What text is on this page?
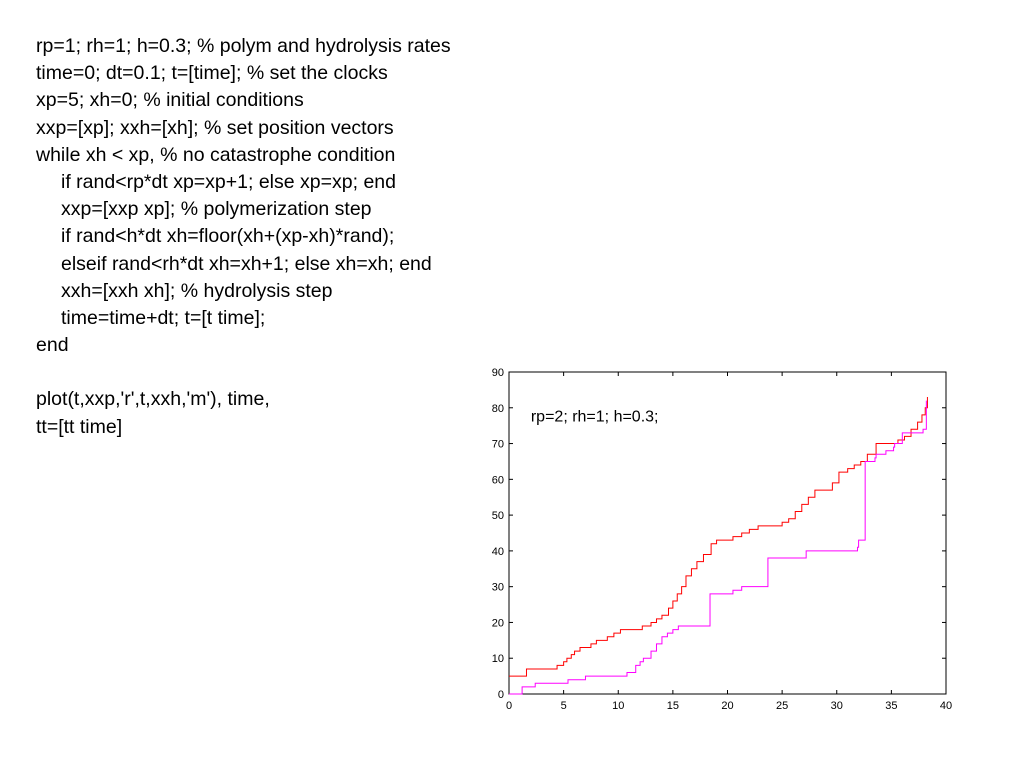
rp=1; rh=1; h=0.3; % polym and hydrolysis rates
time=0; dt=0.1; t=[time]; % set the clocks
xp=5; xh=0; % initial conditions
xxp=[xp]; xxh=[xh]; % set position vectors
while xh < xp, % no catastrophe condition
if rand<rp*dt xp=xp+1; else xp=xp; end
xxp=[xxp xp]; % polymerization step
if rand<h*dt xh=floor(xh+(xp-xh)*rand);
elseif rand<rh*dt xh=xh+1; else xh=xh; end
xxh=[xxh xh]; % hydrolysis step
time=time+dt; t=[t time];
end
plot(t,xxp,'r',t,xxh,'m'), time,
tt=[tt time]
0	5	10	15	20	25	30	35	40
0
10
20
30
40
50
60
70
80
90
rp=2; rh=1; h=0.3;
